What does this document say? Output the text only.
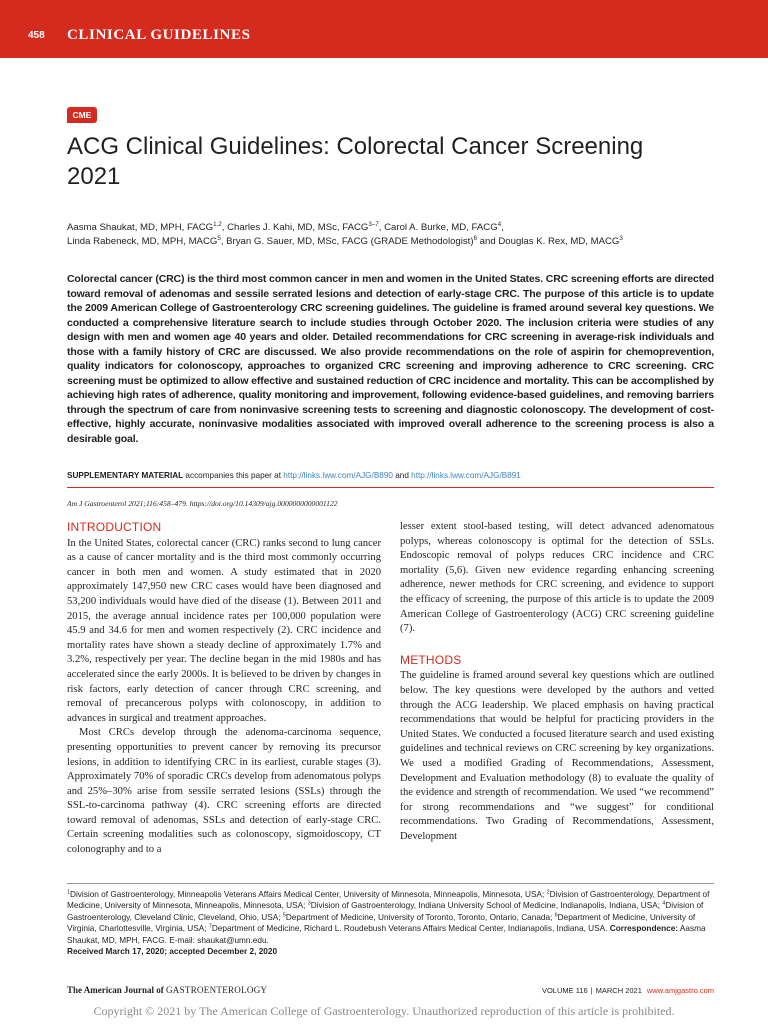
458 CLINICAL GUIDELINES
CME
ACG Clinical Guidelines: Colorectal Cancer Screening 2021
Aasma Shaukat, MD, MPH, FACG$^{1,2}$, Charles J. Kahi, MD, MSc, FACG$^{3-7}$, Carol A. Burke, MD, FACG$^4$,
Linda Rabeneck, MD, MPH, MACG$^5$, Bryan G. Sauer, MD, MSc, FACG (GRADE Methodologist)$^6$ and Douglas K. Rex, MD, MACG$^3$
Colorectal cancer (CRC) is the third most common cancer in men and women in the United States. CRC screening efforts are directed toward removal of adenomas and sessile serrated lesions and detection of early-stage CRC. The purpose of this article is to update the 2009 American College of Gastroenterology CRC screening guidelines. The guideline is framed around several key questions. We conducted a comprehensive literature search to include studies through October 2020. The inclusion criteria were studies of any design with men and women age 40 years and older. Detailed recommendations for CRC screening in average-risk individuals and those with a family history of CRC are discussed. We also provide recommendations on the role of aspirin for chemoprevention, quality indicators for colonoscopy, approaches to organized CRC screening and improving adherence to CRC screening. CRC screening must be optimized to allow effective and sustained reduction of CRC incidence and mortality. This can be accomplished by achieving high rates of adherence, quality monitoring and improvement, following evidence-based guidelines, and removing barriers through the spectrum of care from noninvasive screening tests to screening and diagnostic colonoscopy. The development of cost-effective, highly accurate, noninvasive modalities associated with improved overall adherence to the screening process is also a desirable goal.
SUPPLEMENTARY MATERIAL accompanies this paper at http://links.lww.com/AJG/B890 and http://links.lww.com/AJG/B891
Am J Gastroenterol 2021;116:458–479. https://doi.org/10.14309/ajg.0000000000001122
INTRODUCTION

In the United States, colorectal cancer (CRC) ranks second to lung cancer as a cause of cancer mortality and is the third most commonly occurring cancer in both men and women. A study estimated that in 2020 approximately 147,950 new CRC cases would have been diagnosed and 53,200 individuals would have died of the disease (1). Between 2011 and 2015, the average annual incidence rates per 100,000 population were 45.9 and 34.6 for men and women respectively (2). CRC incidence and mortality rates have shown a steady decline of approximately 1.7% and 3.2%, respectively per year. The decline began in the mid 1980s and has accelerated since the early 2000s. It is believed to be driven by changes in risk factors, early detection of cancer through CRC screening, and removal of precancerous polyps with colonoscopy, in addition to advances in surgical and treatment approaches.

Most CRCs develop through the adenoma-carcinoma sequence, presenting opportunities to prevent cancer by removing its precursor lesions, in addition to identifying CRC in its earliest, curable stages (3). Approximately 70% of sporadic CRCs develop from adenomatous polyps and 25%–30% arise from sessile serrated lesions (SSLs) through the SSL-to-carcinoma pathway (4). CRC screening efforts are directed toward removal of adenomas, SSLs and detection of early-stage CRC. Certain screening modalities such as colonoscopy, sigmoidoscopy, CT colonography and to a

lesser extent stool-based testing, will detect advanced adenomatous polyps, whereas colonoscopy is optimal for the detection of SSLs. Endoscopic removal of polyps reduces CRC incidence and CRC mortality (5,6). Given new evidence regarding enhancing screening adherence, newer methods for CRC screening, and evidence to support the efficacy of screening, the purpose of this article is to update the 2009 American College of Gastroenterology (ACG) CRC screening guideline (7).

METHODS

The guideline is framed around several key questions which are outlined below. The key questions were developed by the authors and vetted through the ACG leadership. We placed emphasis on having practical recommendations that would be helpful for practicing providers in the United States. We conducted a focused literature search and used existing guidelines and technical reviews on CRC screening by key organizations. We used a modified Grading of Recommendations, Assessment, Development and Evaluation methodology (8) to evaluate the quality of the evidence and strength of recommendation. We used “we recommend” for strong recommendations and “we suggest” for conditional recommendations. Two Grading of Recommendations, Assessment, Development

$^1$Division of Gastroenterology, Minneapolis Veterans Affairs Medical Center, University of Minnesota, Minneapolis, Minnesota, USA; $^2$Division of Gastroenterology, Department of Medicine, University of Minnesota, Minneapolis, Minnesota, USA; $^3$Division of Gastroenterology, Indiana University School of Medicine, Indianapolis, Indiana, USA; $^4$Division of Gastroenterology, Cleveland Clinic, Cleveland, Ohio, USA; $^5$Department of Medicine, University of Toronto, Toronto, Ontario, Canada; $^6$Department of Medicine, University of Virginia, Charlottesville, Virginia, USA; $^7$Department of Medicine, Richard L. Roudebush Veterans Affairs Medical Center, Indianapolis, Indiana, USA. Correspondence: Aasma Shaukat, MD, MPH, FACG. E-mail: shaukat@umn.edu.
Received March 17, 2020; accepted December 2, 2020
The American Journal of GASTROENTEROLOGY	VOLUME 116 | MARCH 2021 www.amjgastro.com
Copyright © 2021 by The American College of Gastroenterology. Unauthorized reproduction of this article is prohibited.
